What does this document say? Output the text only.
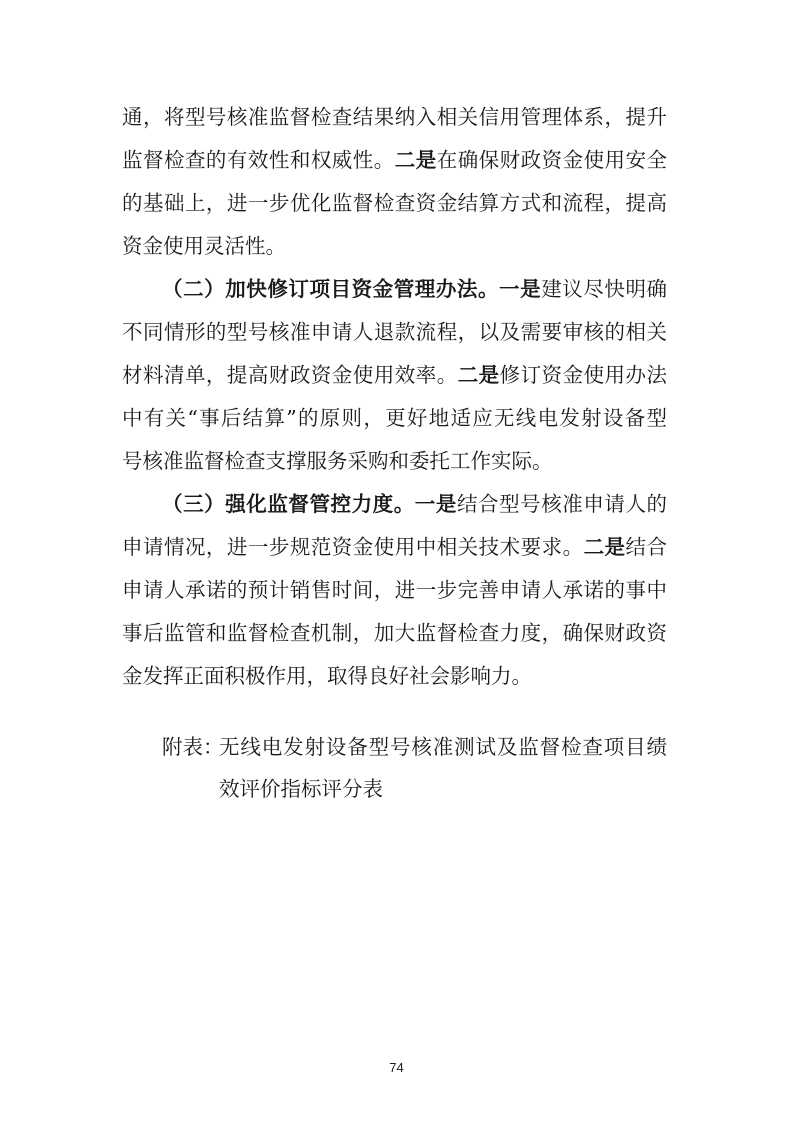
通，将型号核准监督检查结果纳入相关信用管理体系，提升
监督检查的有效性和权威性。二是在确保财政资金使用安全
的基础上，进一步优化监督检查资金结算方式和流程，提高
资金使用灵活性。
（二）加快修订项目资金管理办法。一是建议尽快明确
不同情形的型号核准申请人退款流程，以及需要审核的相关
材料清单，提高财政资金使用效率。二是修订资金使用办法
中有关“事后结算”的原则，更好地适应无线电发射设备型
号核准监督检查支撑服务采购和委托工作实际。
（三）强化监督管控力度。一是结合型号核准申请人的
申请情况，进一步规范资金使用中相关技术要求。二是结合
申请人承诺的预计销售时间，进一步完善申请人承诺的事中
事后监管和监督检查机制，加大监督检查力度，确保财政资
金发挥正面积极作用，取得良好社会影响力。
附表：
无线电发射设备型号核准测试及监督检查项目绩
效评价指标评分表
74
